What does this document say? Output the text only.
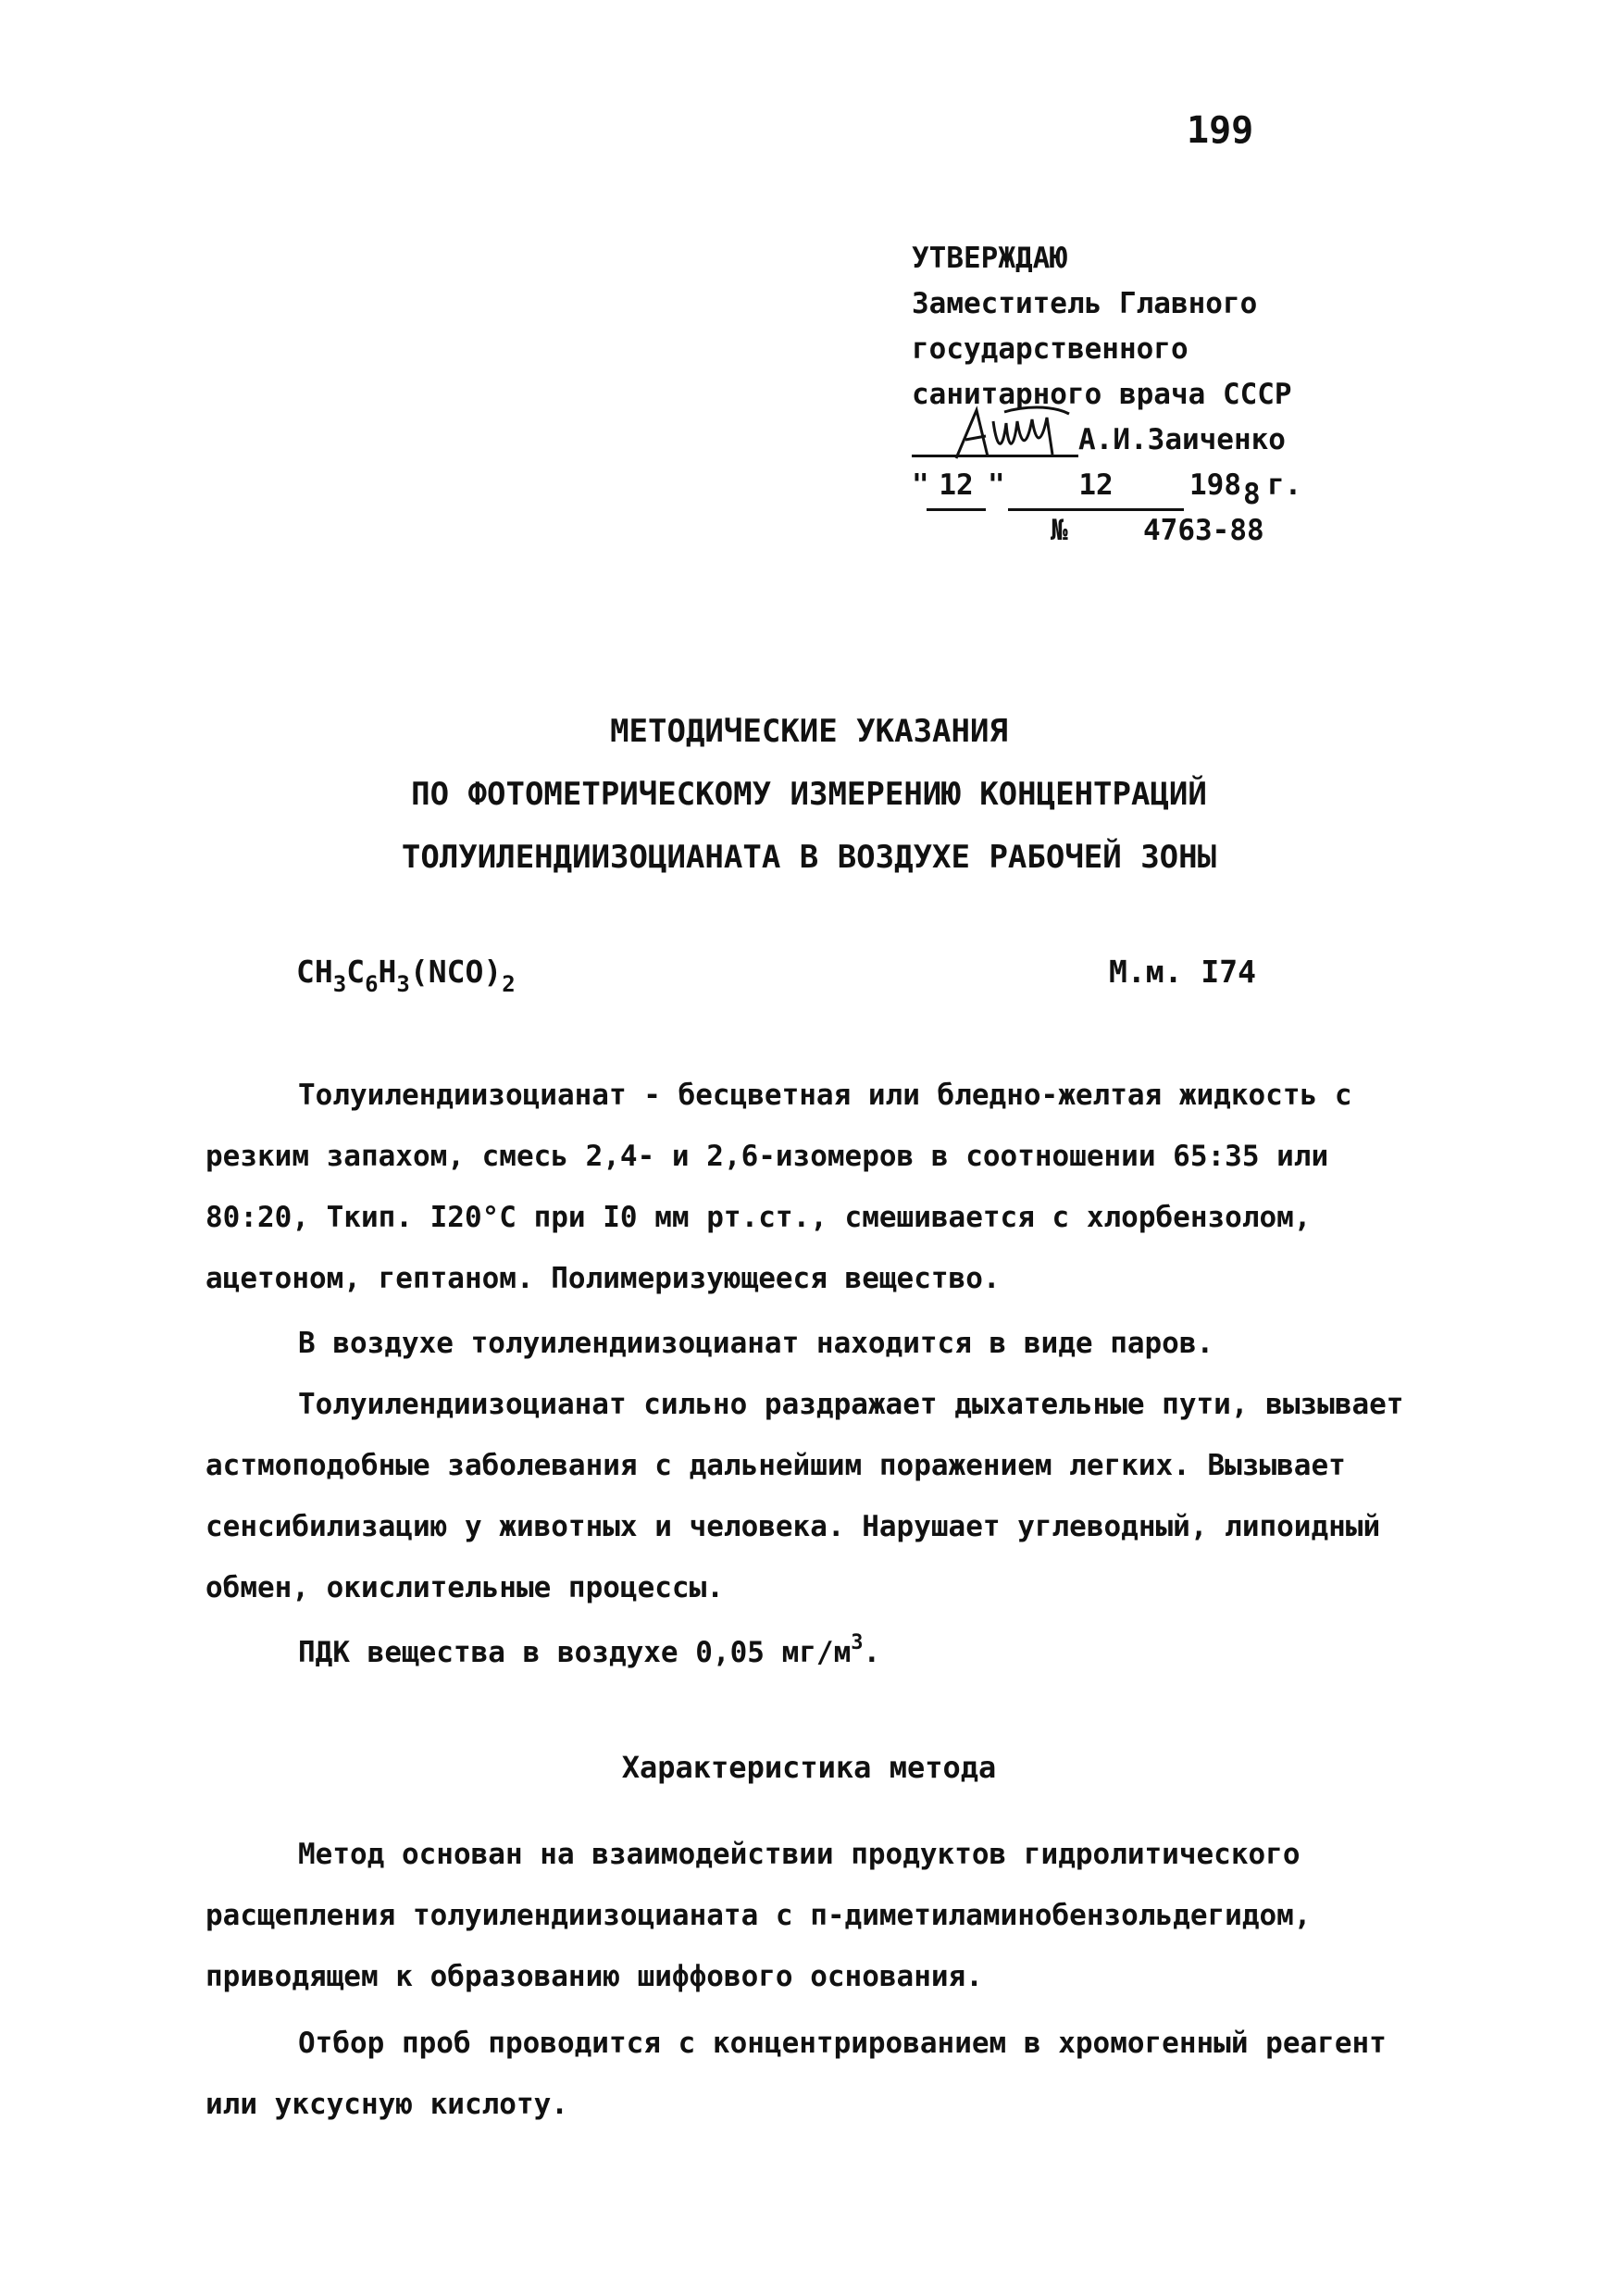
199
УТВЕРЖДАЮ
Заместитель Главного
государственного
санитарного врача СССР
А.И.Заиченко
" 12 "	12	198 8 г.
№	4763-88
МЕТОДИЧЕСКИЕ УКАЗАНИЯ
ПО ФОТОМЕТРИЧЕСКОМУ ИЗМЕРЕНИЮ КОНЦЕНТРАЦИЙ
ТОЛУИЛЕНДИИЗОЦИАНАТА В ВОЗДУХЕ РАБОЧЕЙ ЗОНЫ
$CH_3C_6H_3(NCO)_2$	М.м. I74
Толуилендиизоцианат - бесцветная или бледно-желтая жидкость с резким запахом, смесь 2,4- и 2,6-изомеров в соотношении 65:35 или 80:20, Ткип. I20°С при I0 мм рт.ст., смешивается с хлорбензолом, ацетоном, гептаном. Полимеризующееся вещество.
В воздухе толуилендиизоцианат находится в виде паров.
Толуилендиизоцианат сильно раздражает дыхательные пути, вызывает астмоподобные заболевания с дальнейшим поражением легких. Вызывает сенсибилизацию у животных и человека. Нарушает углеводный, липоидный обмен, окислительные процессы.
ПДК вещества в воздухе 0,05 $мг/м^3$.
Характеристика метода
Метод основан на взаимодействии продуктов гидролитического расщепления толуилендиизоцианата с п-диметиламинобензольдегидом, приводящем к образованию шиффового основания.
Отбор проб проводится с концентрированием в хромогенный реагент или уксусную кислоту.
